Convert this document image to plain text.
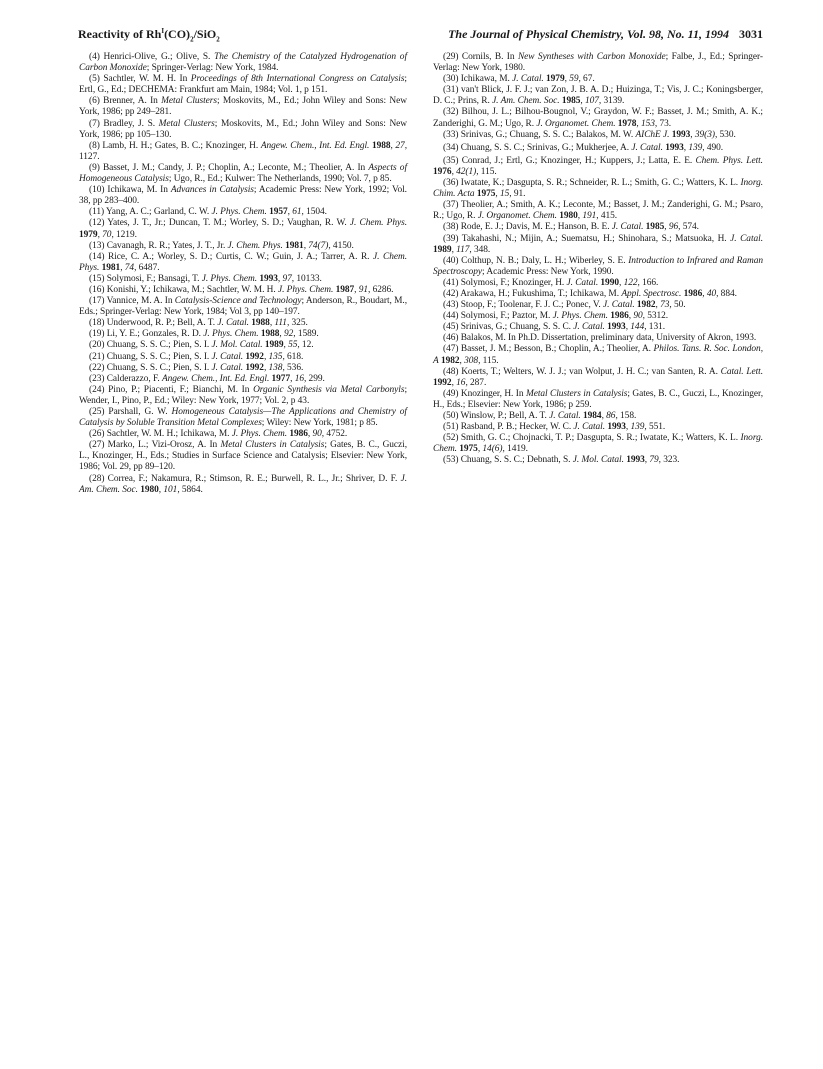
Reactivity of $Rh^I(CO)_2/SiO_2$	The Journal of Physical Chemistry, Vol. 98, No. 11, 1994 3031

(4) Henrici-Olive, G.; Olive, S. The Chemistry of the Catalyzed Hydrogenation of Carbon Monoxide; Springer-Verlag: New York, 1984.

(5) Sachtler, W. M. H. In Proceedings of 8th International Congress on Catalysis; Ertl, G., Ed.; DECHEMA: Frankfurt am Main, 1984; Vol. 1, p 151.

(6) Brenner, A. In Metal Clusters; Moskovits, M., Ed.; John Wiley and Sons: New York, 1986; pp 249–281.

(7) Bradley, J. S. Metal Clusters; Moskovits, M., Ed.; John Wiley and Sons: New York, 1986; pp 105–130.

(8) Lamb, H. H.; Gates, B. C.; Knozinger, H. Angew. Chem., Int. Ed. Engl. 1988, 27, 1127.

(9) Basset, J. M.; Candy, J. P.; Choplin, A.; Leconte, M.; Theolier, A. In Aspects of Homogeneous Catalysis; Ugo, R., Ed.; Kulwer: The Netherlands, 1990; Vol. 7, p 85.

(10) Ichikawa, M. In Advances in Catalysis; Academic Press: New York, 1992; Vol. 38, pp 283–400.

(11) Yang, A. C.; Garland, C. W. J. Phys. Chem. 1957, 61, 1504.

(12) Yates, J. T., Jr.; Duncan, T. M.; Worley, S. D.; Vaughan, R. W. J. Chem. Phys. 1979, 70, 1219.

(13) Cavanagh, R. R.; Yates, J. T., Jr. J. Chem. Phys. 1981, 74(7), 4150.

(14) Rice, C. A.; Worley, S. D.; Curtis, C. W.; Guin, J. A.; Tarrer, A. R. J. Chem. Phys. 1981, 74, 6487.

(15) Solymosi, F.; Bansagi, T. J. Phys. Chem. 1993, 97, 10133.

(16) Konishi, Y.; Ichikawa, M.; Sachtler, W. M. H. J. Phys. Chem. 1987, 91, 6286.

(17) Vannice, M. A. In Catalysis-Science and Technology; Anderson, R., Boudart, M., Eds.; Springer-Verlag: New York, 1984; Vol 3, pp 140–197.

(18) Underwood, R. P.; Bell, A. T. J. Catal. 1988, 111, 325.

(19) Li, Y. E.; Gonzales, R. D. J. Phys. Chem. 1988, 92, 1589.

(20) Chuang, S. S. C.; Pien, S. I. J. Mol. Catal. 1989, 55, 12.

(21) Chuang, S. S. C.; Pien, S. I. J. Catal. 1992, 135, 618.

(22) Chuang, S. S. C.; Pien, S. I. J. Catal. 1992, 138, 536.

(23) Calderazzo, F. Angew. Chem., Int. Ed. Engl. 1977, 16, 299.

(24) Pino, P.; Piacenti, F.; Bianchi, M. In Organic Synthesis via Metal Carbonyls; Wender, I., Pino, P., Ed.; Wiley: New York, 1977; Vol. 2, p 43.

(25) Parshall, G. W. Homogeneous Catalysis—The Applications and Chemistry of Catalysis by Soluble Transition Metal Complexes; Wiley: New York, 1981; p 85.

(26) Sachtler, W. M. H.; Ichikawa, M. J. Phys. Chem. 1986, 90, 4752.

(27) Marko, L.; Vizi-Orosz, A. In Metal Clusters in Catalysis; Gates, B. C., Guczi, L., Knozinger, H., Eds.; Studies in Surface Science and Catalysis; Elsevier: New York, 1986; Vol. 29, pp 89–120.

(28) Correa, F.; Nakamura, R.; Stimson, R. E.; Burwell, R. L., Jr.; Shriver, D. F. J. Am. Chem. Soc. 1980, 101, 5864.

(29) Cornils, B. In New Syntheses with Carbon Monoxide; Falbe, J., Ed.; Springer-Verlag: New York, 1980.

(30) Ichikawa, M. J. Catal. 1979, 59, 67.

(31) van't Blick, J. F. J.; van Zon, J. B. A. D.; Huizinga, T.; Vis, J. C.; Koningsberger, D. C.; Prins, R. J. Am. Chem. Soc. 1985, 107, 3139.

(32) Bilhou, J. L.; Bilhou-Bougnol, V.; Graydon, W. F.; Basset, J. M.; Smith, A. K.; Zanderighi, G. M.; Ugo, R. J. Organomet. Chem. 1978, 153, 73.

(33) Srinivas, G.; Chuang, S. S. C.; Balakos, M. W. AIChE J. 1993, 39(3), 530.

(34) Chuang, S. S. C.; Srinivas, G.; Mukherjee, A. J. Catal. 1993, 139, 490.

(35) Conrad, J.; Ertl, G.; Knozinger, H.; Kuppers, J.; Latta, E. E. Chem. Phys. Lett. 1976, 42(1), 115.

(36) Iwatate, K.; Dasgupta, S. R.; Schneider, R. L.; Smith, G. C.; Watters, K. L. Inorg. Chim. Acta 1975, 15, 91.

(37) Theolier, A.; Smith, A. K.; Leconte, M.; Basset, J. M.; Zanderighi, G. M.; Psaro, R.; Ugo, R. J. Organomet. Chem. 1980, 191, 415.

(38) Rode, E. J.; Davis, M. E.; Hanson, B. E. J. Catal. 1985, 96, 574.

(39) Takahashi, N.; Mijin, A.; Suematsu, H.; Shinohara, S.; Matsuoka, H. J. Catal. 1989, 117, 348.

(40) Colthup, N. B.; Daly, L. H.; Wiberley, S. E. Introduction to Infrared and Raman Spectroscopy; Academic Press: New York, 1990.

(41) Solymosi, F.; Knozinger, H. J. Catal. 1990, 122, 166.

(42) Arakawa, H.; Fukushima, T.; Ichikawa, M. Appl. Spectrosc. 1986, 40, 884.

(43) Stoop, F.; Toolenar, F. J. C.; Ponec, V. J. Catal. 1982, 73, 50.

(44) Solymosi, F.; Paztor, M. J. Phys. Chem. 1986, 90, 5312.

(45) Srinivas, G.; Chuang, S. S. C. J. Catal. 1993, 144, 131.

(46) Balakos, M. In Ph.D. Dissertation, preliminary data, University of Akron, 1993.

(47) Basset, J. M.; Besson, B.; Choplin, A.; Theolier, A. Philos. Tans. R. Soc. London, A 1982, 308, 115.

(48) Koerts, T.; Welters, W. J. J.; van Wolput, J. H. C.; van Santen, R. A. Catal. Lett. 1992, 16, 287.

(49) Knozinger, H. In Metal Clusters in Catalysis; Gates, B. C., Guczi, L., Knozinger, H., Eds.; Elsevier: New York, 1986; p 259.

(50) Winslow, P.; Bell, A. T. J. Catal. 1984, 86, 158.

(51) Rasband, P. B.; Hecker, W. C. J. Catal. 1993, 139, 551.

(52) Smith, G. C.; Chojnacki, T. P.; Dasgupta, S. R.; Iwatate, K.; Watters, K. L. Inorg. Chem. 1975, 14(6), 1419.

(53) Chuang, S. S. C.; Debnath, S. J. Mol. Catal. 1993, 79, 323.
